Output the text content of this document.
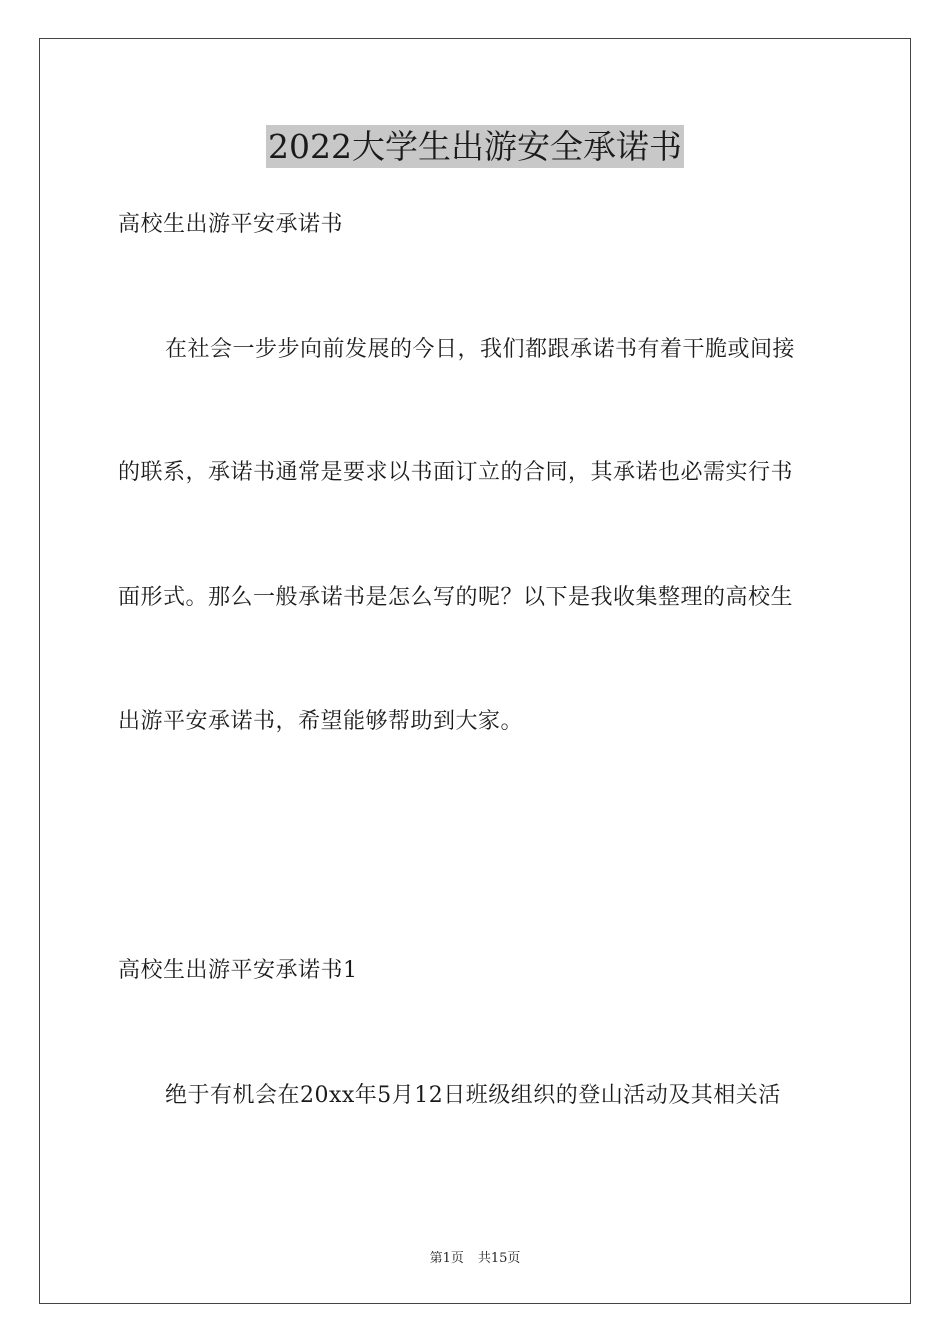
2022大学生出游安全承诺书

高校生出游平安承诺书

在社会一步步向前发展的今日，我们都跟承诺书有着干脆或间接

的联系，承诺书通常是要求以书面订立的合同，其承诺也必需实行书

面形式。那么一般承诺书是怎么写的呢？以下是我收集整理的高校生

出游平安承诺书，希望能够帮助到大家。

高校生出游平安承诺书1

绝于有机会在20xx年5月12日班级组织的登山活动及其相关活

第1页 共15页
